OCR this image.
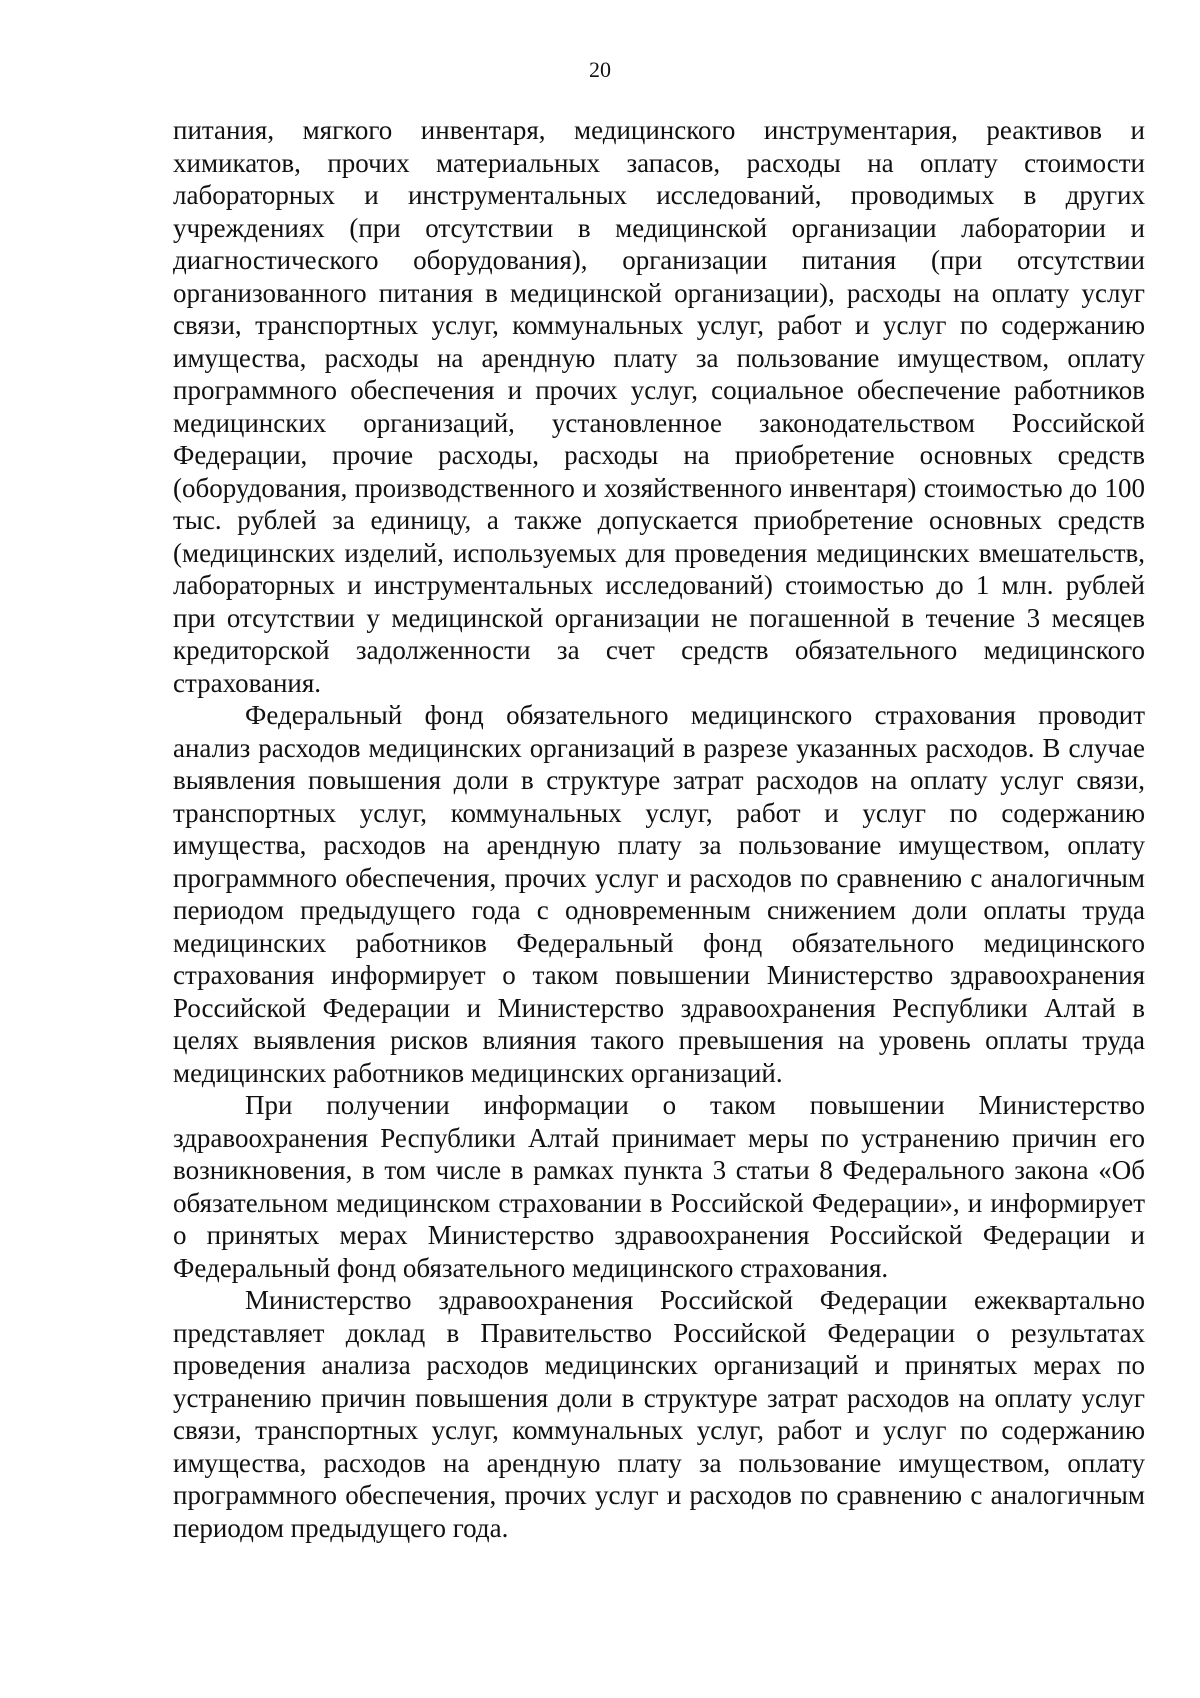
20

питания, мягкого инвентаря, медицинского инструментария, реактивов и химикатов, прочих материальных запасов, расходы на оплату стоимости лабораторных и инструментальных исследований, проводимых в других учреждениях (при отсутствии в медицинской организации лаборатории и диагностического оборудования), организации питания (при отсутствии организованного питания в медицинской организации), расходы на оплату услуг связи, транспортных услуг, коммунальных услуг, работ и услуг по содержанию имущества, расходы на арендную плату за пользование имуществом, оплату программного обеспечения и прочих услуг, социальное обеспечение работников медицинских организаций, установленное законодательством Российской Федерации, прочие расходы, расходы на приобретение основных средств (оборудования, производственного и хозяйственного инвентаря) стоимостью до 100 тыс. рублей за единицу, а также допускается приобретение основных средств (медицинских изделий, используемых для проведения медицинских вмешательств, лабораторных и инструментальных исследований) стоимостью до 1 млн. рублей при отсутствии у медицинской организации не погашенной в течение 3 месяцев кредиторской задолженности за счет средств обязательного медицинского страхования.

Федеральный фонд обязательного медицинского страхования проводит анализ расходов медицинских организаций в разрезе указанных расходов. В случае выявления повышения доли в структуре затрат расходов на оплату услуг связи, транспортных услуг, коммунальных услуг, работ и услуг по содержанию имущества, расходов на арендную плату за пользование имуществом, оплату программного обеспечения, прочих услуг и расходов по сравнению с аналогичным периодом предыдущего года с одновременным снижением доли оплаты труда медицинских работников Федеральный фонд обязательного медицинского страхования информирует о таком повышении Министерство здравоохранения Российской Федерации и Министерство здравоохранения Республики Алтай в целях выявления рисков влияния такого превышения на уровень оплаты труда медицинских работников медицинских организаций.

При получении информации о таком повышении Министерство здравоохранения Республики Алтай принимает меры по устранению причин его возникновения, в том числе в рамках пункта 3 статьи 8 Федерального закона «Об обязательном медицинском страховании в Российской Федерации», и информирует о принятых мерах Министерство здравоохранения Российской Федерации и Федеральный фонд обязательного медицинского страхования.

Министерство здравоохранения Российской Федерации ежеквартально представляет доклад в Правительство Российской Федерации о результатах проведения анализа расходов медицинских организаций и принятых мерах по устранению причин повышения доли в структуре затрат расходов на оплату услуг связи, транспортных услуг, коммунальных услуг, работ и услуг по содержанию имущества, расходов на арендную плату за пользование имуществом, оплату программного обеспечения, прочих услуг и расходов по сравнению с аналогичным периодом предыдущего года.
